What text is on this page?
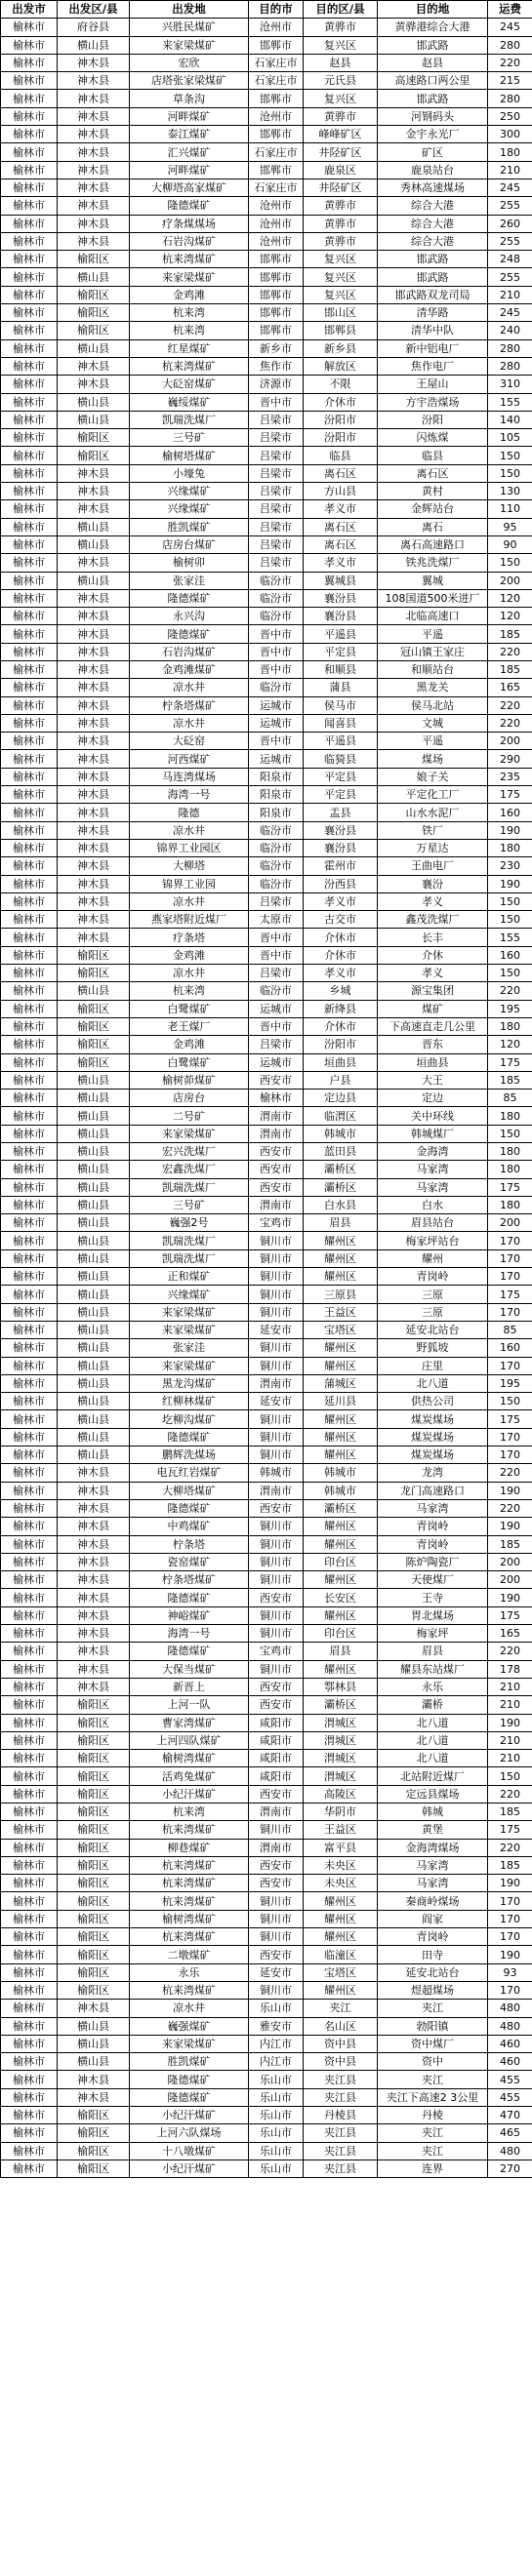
出发市	出发区/县	出发地	目的市	目的区/县	目的地	运费
榆林市	府谷县	兴胜民煤矿	沧州市	黄骅市	黄骅港综合大港	245
榆林市	横山县	来家梁煤矿	邯郸市	复兴区	邯武路	280
榆林市	神木县	宏欣	石家庄市	赵县	赵县	220
榆林市	神木县	店塔张家梁煤矿	石家庄市	元氏县	高速路口两公里	215
榆林市	神木县	草条沟	邯郸市	复兴区	邯武路	280
榆林市	神木县	河畔煤矿	沧州市	黄骅市	河钢码头	250
榆林市	神木县	泰江煤矿	邯郸市	峰峰矿区	金宇永光厂	300
榆林市	神木县	汇兴煤矿	石家庄市	井陉矿区	矿区	180
榆林市	神木县	河畔煤矿	邯郸市	鹿泉区	鹿泉站台	210
榆林市	神木县	大柳塔高家煤矿	石家庄市	井陉矿区	秀林高速煤场	245
榆林市	神木县	隆德煤矿	沧州市	黄骅市	综合大港	255
榆林市	神木县	疗条煤煤场	沧州市	黄骅市	综合大港	260
榆林市	神木县	石岩沟煤矿	沧州市	黄骅市	综合大港	255
榆林市	榆阳区	杭来湾煤矿	邯郸市	复兴区	邯武路	248
榆林市	横山县	来家梁煤矿	邯郸市	复兴区	邯武路	255
榆林市	榆阳区	金鸡滩	邯郸市	复兴区	邯武路双龙司局	210
榆林市	榆阳区	杭来湾	邯郸市	邯山区	清华路	245
榆林市	榆阳区	杭来湾	邯郸市	邯郸县	清华中队	240
榆林市	横山县	红星煤矿	新乡市	新乡县	新中铝电厂	280
榆林市	神木县	杭来湾煤矿	焦作市	解放区	焦作电厂	280
榆林市	神木县	大砭窑煤矿	济源市	不限	王屋山	310
榆林市	横山县	巍绥煤矿	晋中市	介休市	方宇浩煤场	155
榆林市	横山县	凯瑞洗煤厂	吕梁市	汾阳市	汾阳	140
榆林市	榆阳区	三号矿	吕梁市	汾阳市	闪炼煤	105
榆林市	榆阳区	榆树塔煤矿	吕梁市	临县	临县	150
榆林市	神木县	小壕兔	吕梁市	离石区	离石区	150
榆林市	神木县	兴缘煤矿	吕梁市	方山县	黄村	130
榆林市	神木县	兴缘煤矿	吕梁市	孝义市	金辉站台	110
榆林市	横山县	胜凯煤矿	吕梁市	离石区	离石	95
榆林市	横山县	店房台煤矿	吕梁市	离石区	离石高速路口	90
榆林市	神木县	榆树卯	吕梁市	孝义市	铁兆洗煤厂	150
榆林市	横山县	张家洼	临汾市	翼城县	翼城	200
榆林市	神木县	隆德煤矿	临汾市	襄汾县	108国道500米进厂	120
榆林市	神木县	永兴沟	临汾市	襄汾县	北临高速口	120
榆林市	神木县	隆德煤矿	晋中市	平遥县	平遥	185
榆林市	神木县	石岩沟煤矿	晋中市	平定县	冠山镇王家庄	220
榆林市	神木县	金鸡滩煤矿	晋中市	和顺县	和顺站台	185
榆林市	神木县	凉水井	临汾市	蒲县	黑龙关	165
榆林市	神木县	柠条塔煤矿	运城市	侯马市	侯马北站	220
榆林市	神木县	凉水井	运城市	闻喜县	文城	220
榆林市	神木县	大砭窑	晋中市	平遥县	平遥	200
榆林市	神木县	河西煤矿	运城市	临猗县	煤场	290
榆林市	神木县	马连湾煤场	阳泉市	平定县	娘子关	235
榆林市	神木县	海湾一号	阳泉市	平定县	平定化工厂	175
榆林市	神木县	隆德	阳泉市	盂县	山水水泥厂	160
榆林市	神木县	凉水井	临汾市	襄汾县	铁厂	190
榆林市	神木县	锦界工业园区	临汾市	襄汾县	万星达	180
榆林市	神木县	大柳塔	临汾市	霍州市	王曲电厂	230
榆林市	神木县	锦界工业园	临汾市	汾西县	襄汾	190
榆林市	神木县	凉水井	吕梁市	孝义市	孝义	150
榆林市	神木县	燕家塔附近煤厂	太原市	古交市	鑫茂洗煤厂	150
榆林市	神木县	疗条塔	晋中市	介休市	长丰	155
榆林市	榆阳区	金鸡滩	晋中市	介休市	介休	160
榆林市	榆阳区	凉水井	吕梁市	孝义市	孝义	150
榆林市	横山县	杭来湾	临汾市	乡城	源宝集团	220
榆林市	榆阳区	白鹭煤矿	运城市	新绛县	煤矿	195
榆林市	榆阳区	老王煤厂	晋中市	介休市	下高速直走几公里	180
榆林市	榆阳区	金鸡滩	吕梁市	汾阳市	晋东	120
榆林市	榆阳区	白鹭煤矿	运城市	垣曲县	垣曲县	175
榆林市	横山县	榆树茆煤矿	西安市	户县	大王	185
榆林市	横山县	店房台	榆林市	定边县	定边	85
榆林市	横山县	二号矿	渭南市	临渭区	关中环线	180
榆林市	横山县	来家梁煤矿	渭南市	韩城市	韩城煤厂	150
榆林市	横山县	宏兴洗煤厂	西安市	蓝田县	金海湾	180
榆林市	横山县	宏鑫洗煤厂	西安市	灞桥区	马家湾	180
榆林市	横山县	凯瑞洗煤厂	西安市	灞桥区	马家湾	175
榆林市	横山县	三号矿	渭南市	白水县	白水	180
榆林市	横山县	巍强2号	宝鸡市	眉县	眉县站台	200
榆林市	横山县	凯瑞洗煤厂	铜川市	耀州区	梅家坪站台	170
榆林市	横山县	凯瑞洗煤厂	铜川市	耀州区	耀州	170
榆林市	横山县	正和煤矿	铜川市	耀州区	青岗岭	170
榆林市	横山县	兴缘煤矿	铜川市	三原县	三原	175
榆林市	横山县	来家梁煤矿	铜川市	王益区	三原	170
榆林市	横山县	来家梁煤矿	延安市	宝塔区	延安北站台	85
榆林市	横山县	张家洼	铜川市	耀州区	野狐坡	160
榆林市	横山县	来家梁煤矿	铜川市	耀州区	庄里	170
榆林市	横山县	黑龙沟煤矿	渭南市	蒲城区	北八道	195
榆林市	横山县	红柳林煤矿	延安市	延川县	供热公司	150
榆林市	横山县	圪柳沟煤矿	铜川市	耀州区	煤炭煤场	175
榆林市	横山县	隆德煤矿	铜川市	耀州区	煤炭煤场	170
榆林市	横山县	鹏辉洗煤场	铜川市	耀州区	煤炭煤场	170
榆林市	神木县	电瓦红岩煤矿	韩城市	韩城市	龙湾	220
榆林市	神木县	大柳塔煤矿	渭南市	韩城市	龙门高速路口	190
榆林市	神木县	隆德煤矿	西安市	灞桥区	马家湾	220
榆林市	神木县	中鸡煤矿	铜川市	耀州区	青岗岭	190
榆林市	神木县	柠条塔	铜川市	耀州区	青岗岭	185
榆林市	神木县	瓷窑煤矿	铜川市	印台区	陈炉陶瓷厂	200
榆林市	神木县	柠条塔煤矿	铜川市	耀州区	天使煤厂	200
榆林市	神木县	隆德煤矿	西安市	长安区	王寺	190
榆林市	神木县	神峪煤矿	铜川市	耀州区	胃北煤场	175
榆林市	神木县	海湾一号	铜川市	印台区	梅家坪	165
榆林市	神木县	隆德煤矿	宝鸡市	眉县	眉县	220
榆林市	神木县	大保当煤矿	铜川市	耀州区	耀县东站煤厂	178
榆林市	神木县	新晋上	西安市	鄠林县	永乐	210
榆林市	榆阳区	上河一队	西安市	灞桥区	灞桥	210
榆林市	榆阳区	曹家湾煤矿	咸阳市	渭城区	北八道	190
榆林市	榆阳区	上河四队煤矿	咸阳市	渭城区	北八道	210
榆林市	榆阳区	榆树湾煤矿	咸阳市	渭城区	北八道	210
榆林市	榆阳区	活鸡兔煤矿	咸阳市	渭城区	北站附近煤厂	150
榆林市	榆阳区	小纪汗煤矿	西安市	高陵区	定远县煤场	220
榆林市	榆阳区	杭来湾	渭南市	华阴市	韩城	185
榆林市	榆阳区	杭来湾煤矿	铜川市	王益区	黄堡	175
榆林市	榆阳区	柳巷煤矿	渭南市	富平县	金海湾煤场	220
榆林市	榆阳区	杭来湾煤矿	西安市	未央区	马家湾	185
榆林市	榆阳区	杭来湾煤矿	西安市	未央区	马家湾	190
榆林市	榆阳区	杭来湾煤矿	铜川市	耀州区	秦商岭煤场	170
榆林市	榆阳区	榆树湾煤矿	铜川市	耀州区	阎家	170
榆林市	榆阳区	杭来湾煤矿	铜川市	耀州区	青岗岭	170
榆林市	榆阳区	二墩煤矿	西安市	临潼区	田寺	190
榆林市	榆阳区	永乐	延安市	宝塔区	延安北站台	93
榆林市	榆阳区	杭来湾煤矿	铜川市	耀州区	煜超煤场	170
榆林市	神木县	凉水井	乐山市	夹江	夹江	480
榆林市	横山县	巍强煤矿	雅安市	名山区	勃阳镇	480
榆林市	横山县	来家梁煤矿	内江市	资中县	资中煤厂	460
榆林市	横山县	胜凯煤矿	内江市	资中县	资中	460
榆林市	神木县	隆德煤矿	乐山市	夹江县	夹江	455
榆林市	神木县	隆德煤矿	乐山市	夹江县	夹江下高速2 3公里	455
榆林市	榆阳区	小纪汗煤矿	乐山市	丹棱县	丹棱	470
榆林市	榆阳区	上河六队煤场	乐山市	夹江县	夹江	465
榆林市	榆阳区	十八墩煤矿	乐山市	夹江县	夹江	480
榆林市	榆阳区	小纪汗煤矿	乐山市	夹江县	连界	270
